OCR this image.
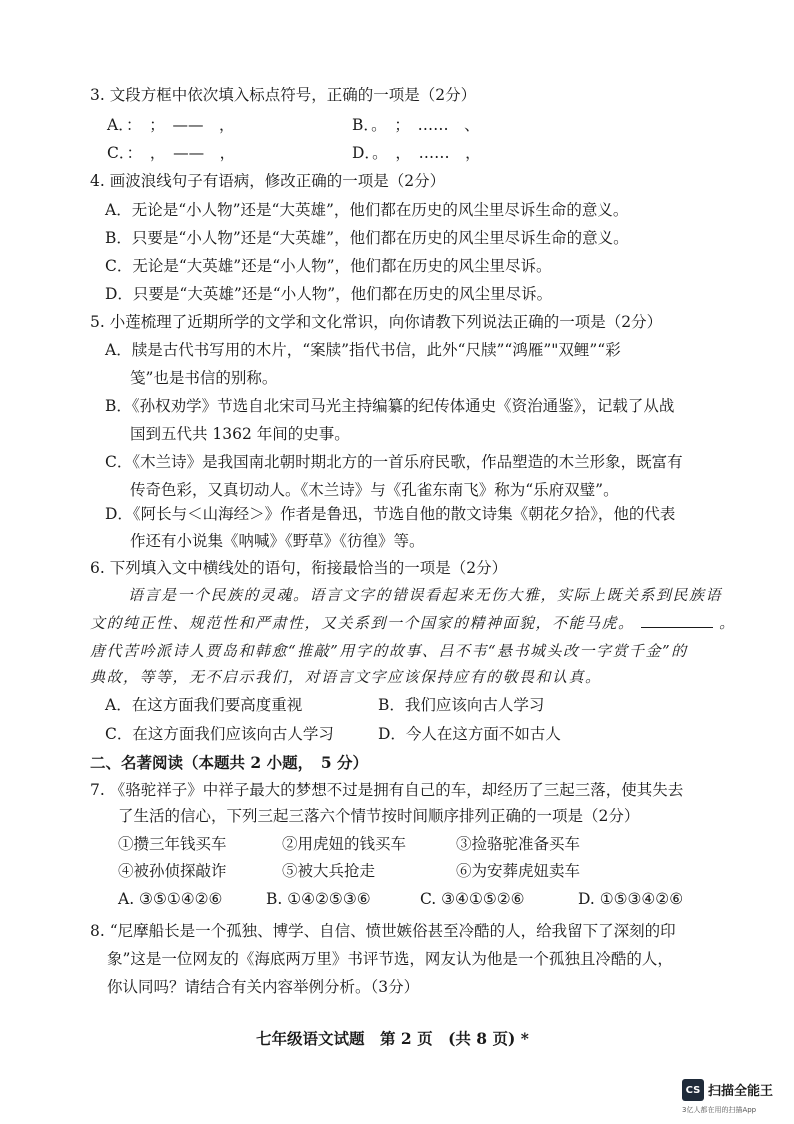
3. 文段方框中依次填入标点符号，正确的一项是（2分）
A．：　；　——　，	B．。　；　……　、
C．：　，　——　，	D．。　，　……　，
4. 画波浪线句子有语病，修改正确的一项是（2分）
A．无论是“小人物”还是“大英雄”，他们都在历史的风尘里尽诉生命的意义。
B．只要是“小人物”还是“大英雄”，他们都在历史的风尘里尽诉生命的意义。
C．无论是“大英雄”还是“小人物”，他们都在历史的风尘里尽诉。
D．只要是“大英雄”还是“小人物”，他们都在历史的风尘里尽诉。
5. 小莲梳理了近期所学的文学和文化常识，向你请教下列说法正确的一项是（2分）
A．牍是古代书写用的木片，“案牍”指代书信，此外“尺牍”“鸿雁”"双鲤”“彩
笺”也是书信的别称。
B．《孙权劝学》节选自北宋司马光主持编纂的纪传体通史《资治通鉴》，记载了从战
国到五代共 1362 年间的史事。
C．《木兰诗》是我国南北朝时期北方的一首乐府民歌，作品塑造的木兰形象，既富有
传奇色彩，又真切动人。《木兰诗》与《孔雀东南飞》称为“乐府双璧”。
D．《阿长与＜山海经＞》作者是鲁迅，节选自他的散文诗集《朝花夕拾》，他的代表
作还有小说集《呐喊》《野草》《彷徨》等。
6. 下列填入文中横线处的语句，衔接最恰当的一项是（2分）
语言是一个民族的灵魂。语言文字的错误看起来无伤大雅，实际上既关系到民族语
文的纯正性、规范性和严肃性，又关系到一个国家的精神面貌，不能马虎。	。
唐代苦吟派诗人贾岛和韩愈“推敲”用字的故事、吕不韦“悬书城头改一字赏千金”的
典故，等等，无不启示我们，对语言文字应该保持应有的敬畏和认真。
A．在这方面我们要高度重视	B．我们应该向古人学习
C．在这方面我们应该向古人学习	D．今人在这方面不如古人
二、名著阅读（本题共 2 小题，　5 分）
7. 《骆驼祥子》中祥子最大的梦想不过是拥有自己的车，却经历了三起三落，使其失去
了生活的信心，下列三起三落六个情节按时间顺序排列正确的一项是（2分）
①攒三年钱买车	②用虎妞的钱买车	③捡骆驼准备买车
④被孙侦探敲诈	⑤被大兵抢走	⑥为安葬虎妞卖车
A. ③⑤①④②⑥	B. ①④②⑤③⑥	C. ③④①⑤②⑥	D. ①⑤③④②⑥
8. “尼摩船长是一个孤独、博学、自信、愤世嫉俗甚至冷酷的人，给我留下了深刻的印
象”这是一位网友的《海底两万里》书评节选，网友认为他是一个孤独且冷酷的人，
你认同吗？请结合有关内容举例分析。（3分）
七年级语文试题　第 2 页　(共 8 页) *
CS 扫描全能王
3亿人都在用的扫描App
